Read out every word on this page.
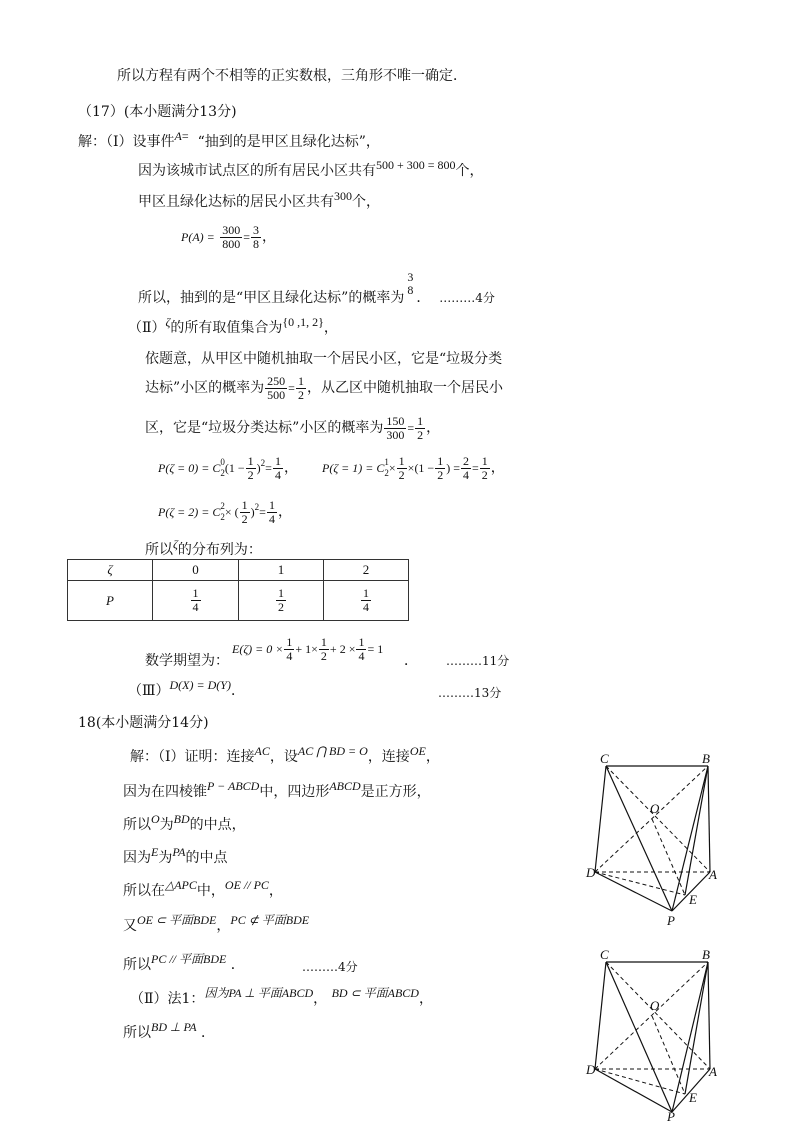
所以方程有两个不相等的正实数根，三角形不唯一确定．
（17）(本小题满分13分)
解：（Ⅰ）设事件A= “抽到的是甲区且绿化达标”，
因为该城市试点区的所有居民小区共有500 + 300 = 800个，
甲区且绿化达标的居民小区共有300个，
$P(A) = \frac{300}{800} = \frac{3}{8}$ ，
所以，抽到的是“甲区且绿化达标”的概率为
3
8 ． ………4分
（Ⅱ）ζ的所有取值集合为{0 ,1, 2}，
依题意，从甲区中随机抽取一个居民小区，它是“垃圾分类
达标”小区的概率为 $\frac{250}{500} = \frac{1}{2}$ ，从乙区中随机抽取一个居民小
区，它是“垃圾分类达标”小区的概率为 $\frac{150}{300} = \frac{1}{2}$ ，
P(ζ = 0) = C 0
2 $(1 - \frac{1}{2} )^2= \frac{1}{4}$ ， P(ζ = 1) = C 1
$2 \times \frac{1}{2} \times(1 - \frac{1}{2}$ ) = $\frac{2}{4} = \frac{1}{2}$ ，
P(ζ = 2) = C 2
2 × ( $\frac{1}{2} )^2= \frac{1}{4}$ ，
所以ζ的分布列为：
ζ	0	1	2
P	$\frac{1}{4}$	$\frac{1}{2}$	$\frac{1}{4}$
$E(\zeta) = 0 \times \frac{1}{4} + 1\times \frac{1}{2} + 2 \times \frac{1}{4} = 1$
数学期望为：	． ………11分
（Ⅲ）D(X) = D(Y)．	………13分
18(本小题满分14分)
解：（Ⅰ）证明：连接AC，设AC ⋂ BD = O，连接OE，
因为在四棱锥P − ABCD中，四边形ABCD是正方形，
所以O为BD的中点，
因为E为PA的中点
所以在△APC中，OE // PC，
又OE ⊂ 平面BDE，PC ⊄ 平面BDE
所以PC // 平面BDE ．	………4分
（Ⅱ）法1：因为PA ⊥ 平面ABCD， BD ⊂ 平面ABCD，
所以BD ⊥ PA ．
C	B
O
D	A
E
P
C	B
O
D	A
E
P
